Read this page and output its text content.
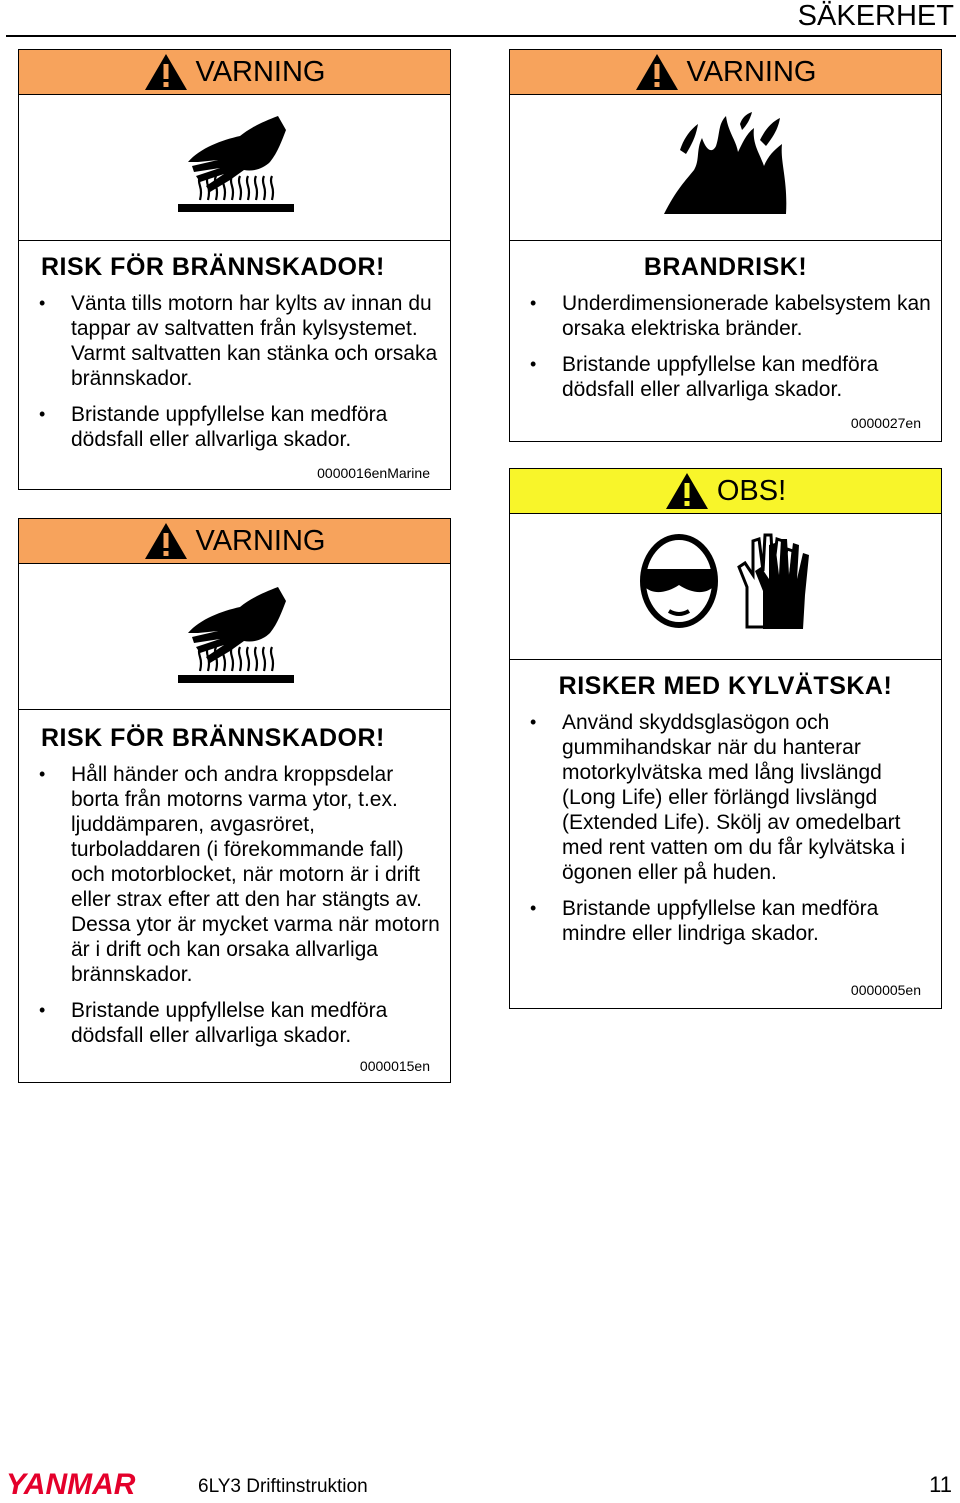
SÄKERHET
VARNING
RISK FÖR BRÄNNSKADOR!
• Vänta tills motorn har kylts av innan du tappar av saltvatten från kylsystemet. Varmt saltvatten kan stänka och orsaka brännskador.
• Bristande uppfyllelse kan medföra dödsfall eller allvarliga skador.
0000016enMarine
VARNING
BRANDRISK!
• Underdimensionerade kabelsystem kan orsaka elektriska bränder.
• Bristande uppfyllelse kan medföra dödsfall eller allvarliga skador.
0000027en
VARNING
RISK FÖR BRÄNNSKADOR!
• Håll händer och andra kroppsdelar borta från motorns varma ytor, t.ex. ljuddämparen, avgasröret, turboladdaren (i förekommande fall) och motorblocket, när motorn är i drift eller strax efter att den har stängts av. Dessa ytor är mycket varma när motorn är i drift och kan orsaka allvarliga brännskador.
• Bristande uppfyllelse kan medföra dödsfall eller allvarliga skador.
0000015en
OBS!
RISKER MED KYLVÄTSKA!
• Använd skyddsglasögon och gummihandskar när du hanterar motorkylvätska med lång livslängd (Long Life) eller förlängd livslängd (Extended Life). Skölj av omedelbart med rent vatten om du får kylvätska i ögonen eller på huden.
• Bristande uppfyllelse kan medföra mindre eller lindriga skador.
0000005en
YANMAR	6LY3 Driftinstruktion	11
